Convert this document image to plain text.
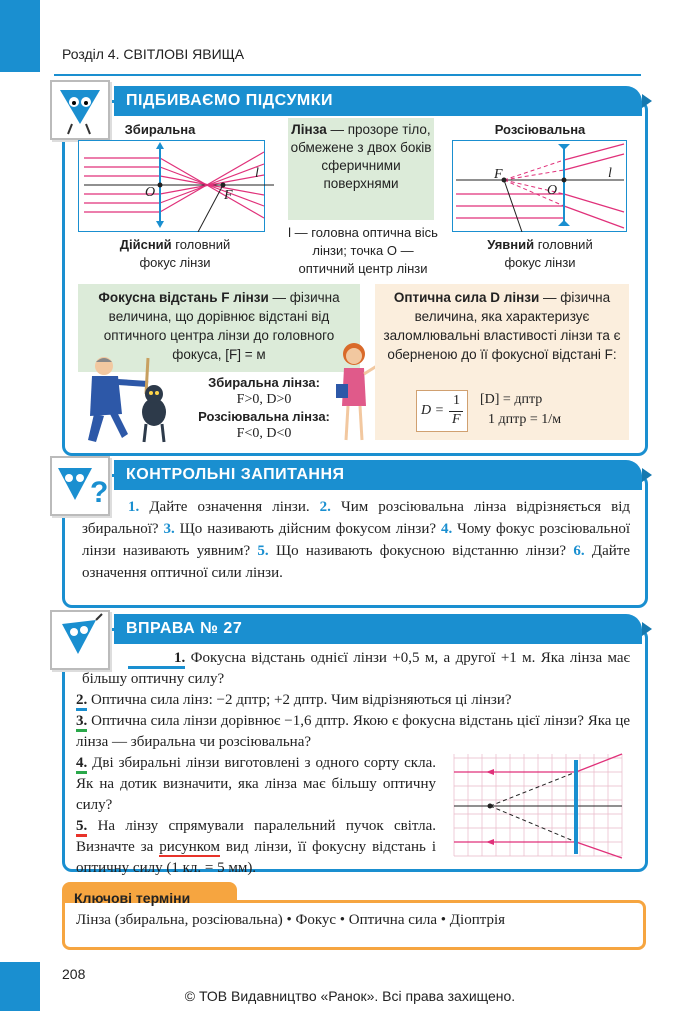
Розділ 4. СВІТЛОВІ ЯВИЩА
ПІДБИВАЄМО ПІДСУМКИ
Збиральна
O	F
l
Дійсний головний фокус лінзи
Лінза — прозоре тіло, обмежене з двох боків сферичними поверхнями
l — головна оптична вісь лінзи; точка O — оптичний центр лінзи
Розсіювальна
F
O
l
Уявний головний фокус лінзи
Фокусна відстань F лінзи — фізична величина, що дорівнює відстані від оптичного центра лінзи до головного фокуса, [F] = м
Збиральна лінза:
F>0, D>0
Розсіювальна лінза:
F<0, D<0
Оптична сила D лінзи — фізична величина, яка характеризує заломлювальні властивості лінзи та є оберненою до її фокусної відстані F:
D =
1
F
[D] = дптр
1 дптр = 1/м
КОНТРОЛЬНІ ЗАПИТАННЯ
?	1. Дайте означення лінзи. 2. Чим розсіювальна лінза відрізняється від збиральної? 3. Що називають дійсним фокусом лінзи? 4. Чому фокус розсіювальної лінзи називають уявним? 5. Що називають фокусною відстанню лінзи? 6. Дайте означення оптичної сили лінзи.
ВПРАВА № 27
1. Фокусна відстань однієї лінзи +0,5 м, а другої +1 м. Яка лінза має більшу оптичну силу?
2. Оптична сила лінз: −2 дптр; +2 дптр. Чим відрізняються ці лінзи?
3. Оптична сила лінзи дорівнює −1,6 дптр. Якою є фокусна відстань цієї лінзи? Яка це лінза — збиральна чи розсіювальна?
4. Дві збиральні лінзи виготовлені з одного сорту скла. Як на дотик визначити, яка лінза має більшу оптичну силу?
5. На лінзу спрямували паралельний пучок світла. Визначте за рисунком вид лінзи, її фокусну відстань і оптичну силу (1 кл. = 5 мм).
Ключові терміни
Лінза (збиральна, розсіювальна) • Фокус • Оптична сила • Діоптрія
208
© ТОВ Видавництво «Ранок». Всі права захищено.
